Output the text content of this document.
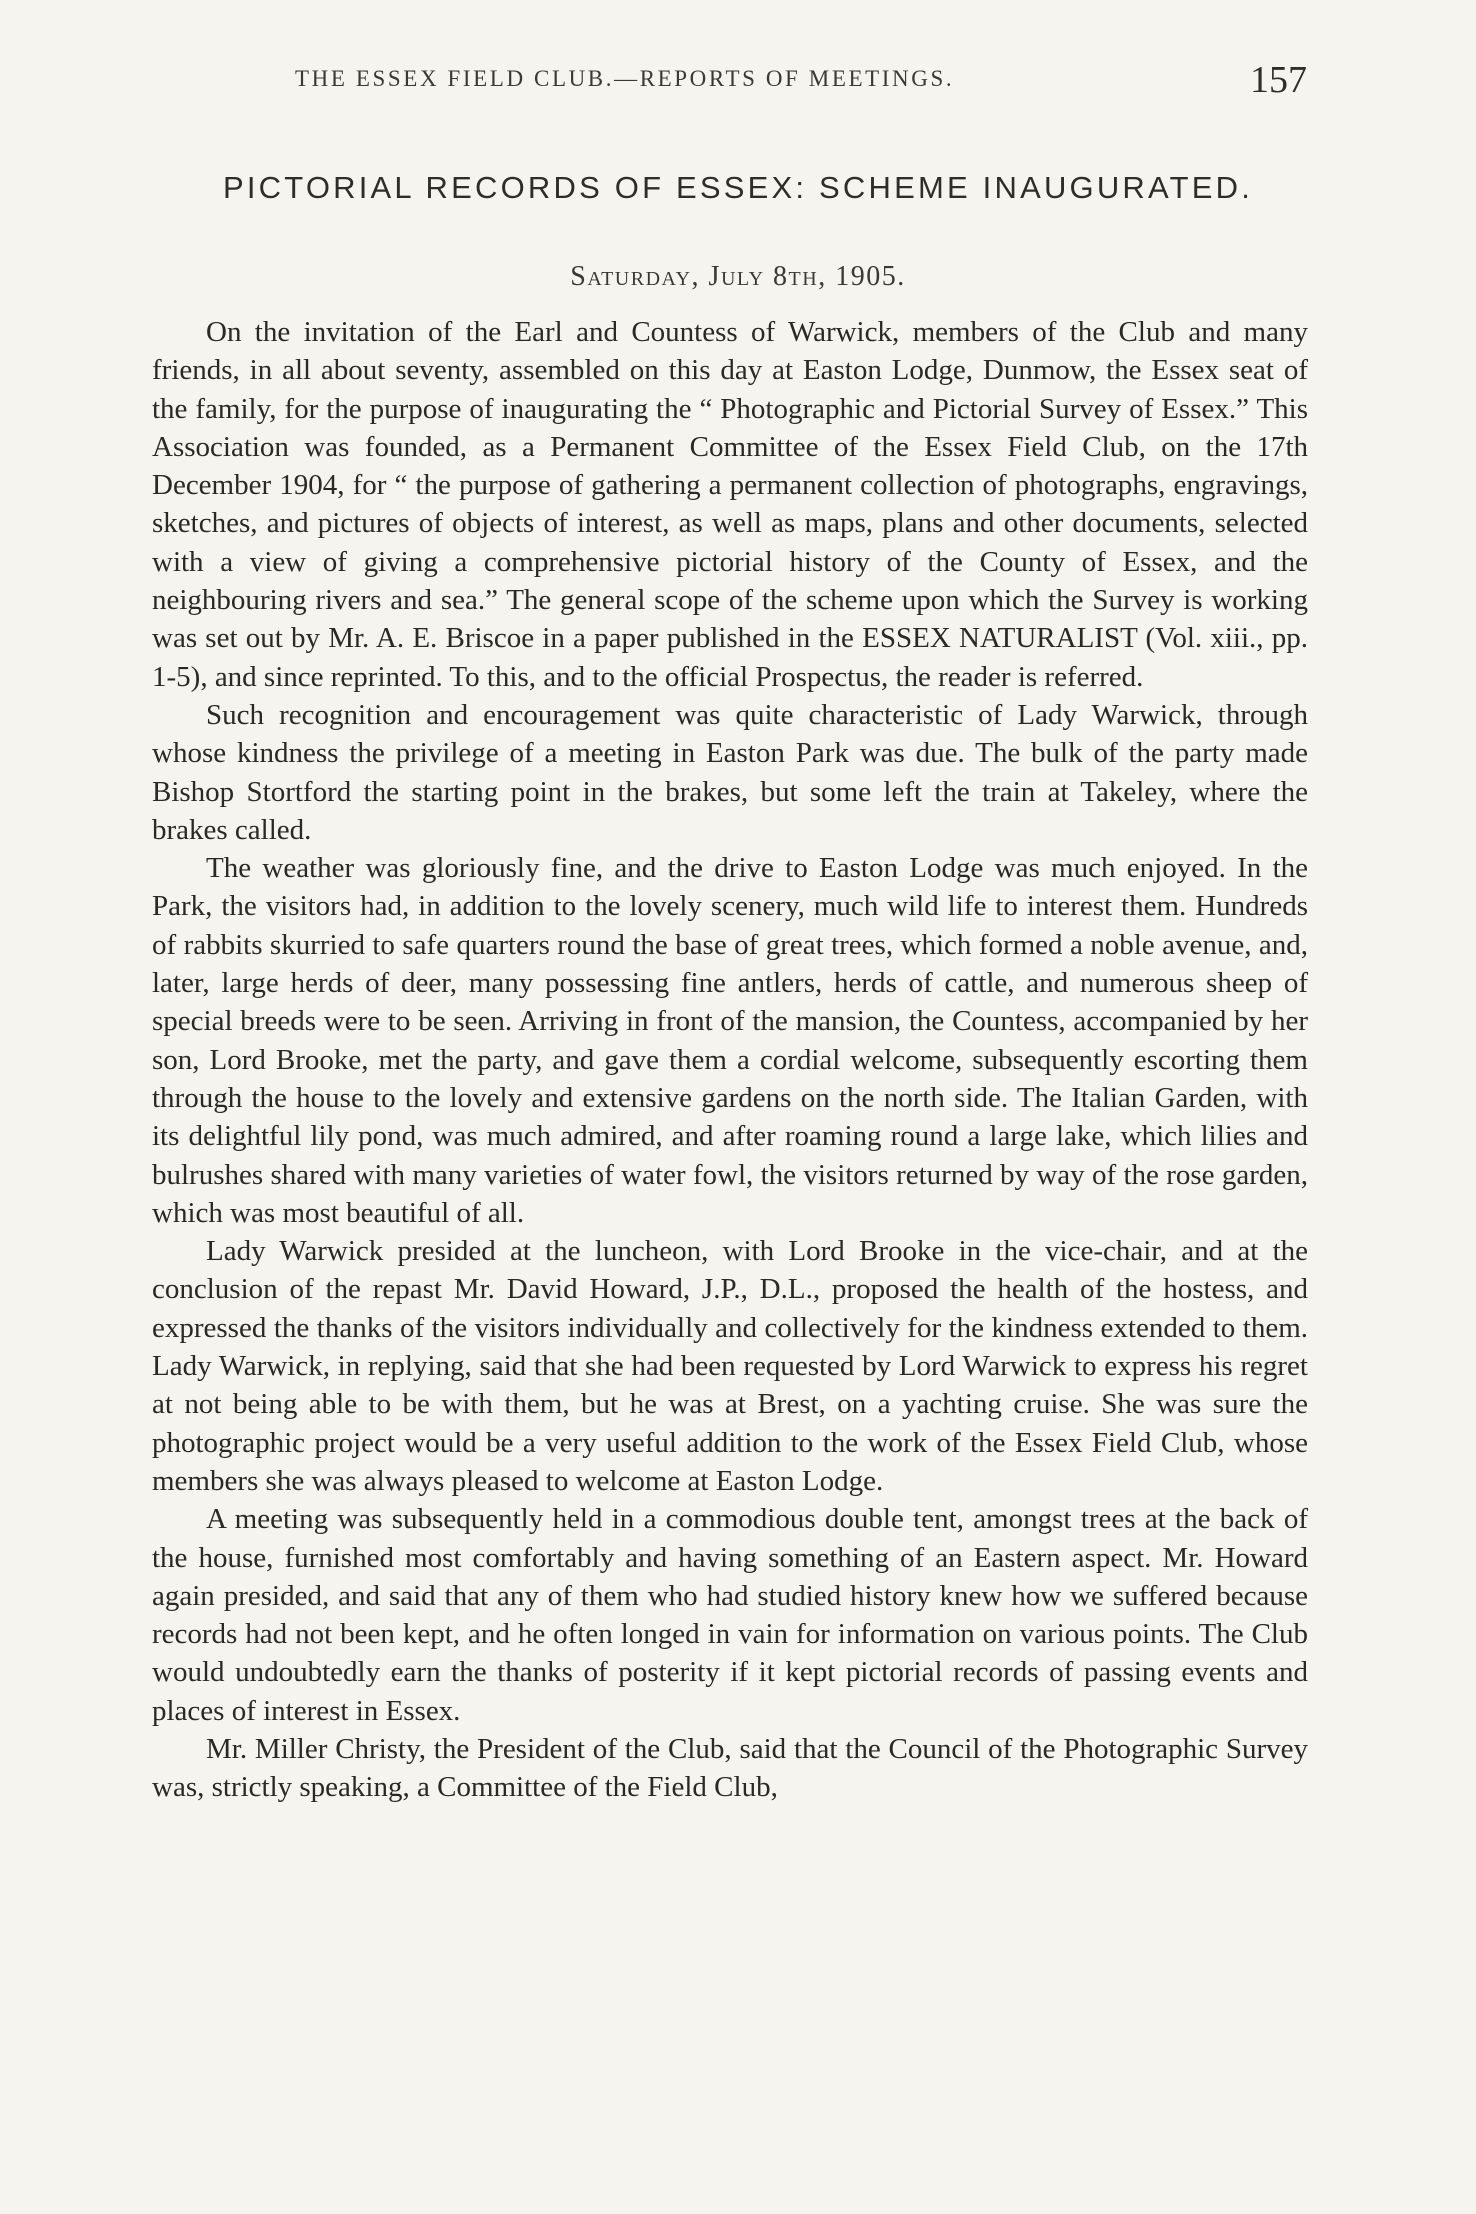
THE ESSEX FIELD CLUB.—REPORTS OF MEETINGS.	157
PICTORIAL RECORDS OF ESSEX: SCHEME INAUGURATED.
Saturday, July 8th, 1905.

On the invitation of the Earl and Countess of Warwick, members of the Club and many friends, in all about seventy, assembled on this day at Easton Lodge, Dunmow, the Essex seat of the family, for the purpose of inaugurating the “ Photographic and Pictorial Survey of Essex.” This Association was founded, as a Permanent Committee of the Essex Field Club, on the 17th December 1904, for “ the purpose of gathering a permanent collection of photographs, engravings, sketches, and pictures of objects of interest, as well as maps, plans and other documents, selected with a view of giving a comprehensive pictorial history of the County of Essex, and the neighbouring rivers and sea.” The general scope of the scheme upon which the Survey is working was set out by Mr. A. E. Briscoe in a paper published in the ESSEX NATURALIST (Vol. xiii., pp. 1-5), and since reprinted. To this, and to the official Prospectus, the reader is referred.

Such recognition and encouragement was quite characteristic of Lady Warwick, through whose kindness the privilege of a meeting in Easton Park was due. The bulk of the party made Bishop Stortford the starting point in the brakes, but some left the train at Takeley, where the brakes called.

The weather was gloriously fine, and the drive to Easton Lodge was much enjoyed. In the Park, the visitors had, in addition to the lovely scenery, much wild life to interest them. Hundreds of rabbits skurried to safe quarters round the base of great trees, which formed a noble avenue, and, later, large herds of deer, many possessing fine antlers, herds of cattle, and numerous sheep of special breeds were to be seen. Arriving in front of the mansion, the Countess, accompanied by her son, Lord Brooke, met the party, and gave them a cordial welcome, subsequently escorting them through the house to the lovely and extensive gardens on the north side. The Italian Garden, with its delightful lily pond, was much admired, and after roaming round a large lake, which lilies and bulrushes shared with many varieties of water fowl, the visitors returned by way of the rose garden, which was most beautiful of all.

Lady Warwick presided at the luncheon, with Lord Brooke in the vice-chair, and at the conclusion of the repast Mr. David Howard, J.P., D.L., proposed the health of the hostess, and expressed the thanks of the visitors individually and collectively for the kindness extended to them. Lady Warwick, in replying, said that she had been requested by Lord Warwick to express his regret at not being able to be with them, but he was at Brest, on a yachting cruise. She was sure the photographic project would be a very useful addition to the work of the Essex Field Club, whose members she was always pleased to welcome at Easton Lodge.

A meeting was subsequently held in a commodious double tent, amongst trees at the back of the house, furnished most comfortably and having something of an Eastern aspect. Mr. Howard again presided, and said that any of them who had studied history knew how we suffered because records had not been kept, and he often longed in vain for information on various points. The Club would undoubtedly earn the thanks of posterity if it kept pictorial records of passing events and places of interest in Essex.

Mr. Miller Christy, the President of the Club, said that the Council of the Photographic Survey was, strictly speaking, a Committee of the Field Club,
